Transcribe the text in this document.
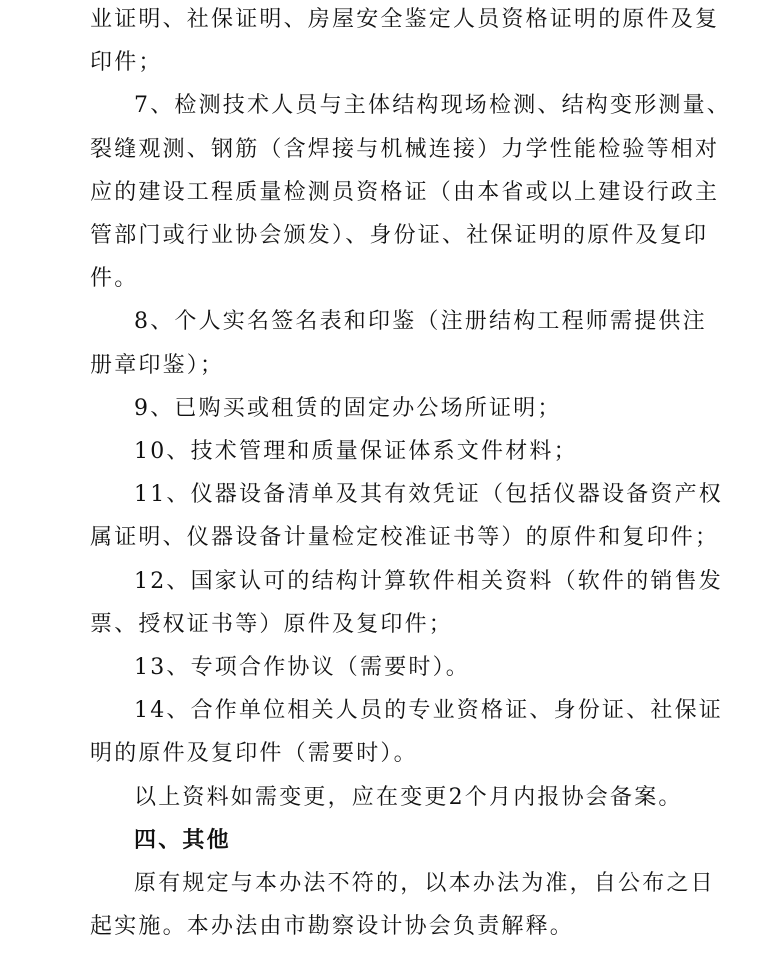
业证明、社保证明、房屋安全鉴定人员资格证明的原件及复
印件；
7、检测技术人员与主体结构现场检测、结构变形测量、
裂缝观测、钢筋（含焊接与机械连接）力学性能检验等相对
应的建设工程质量检测员资格证（由本省或以上建设行政主
管部门或行业协会颁发）、身份证、社保证明的原件及复印
件。
8、个人实名签名表和印鉴（注册结构工程师需提供注
册章印鉴）；
9、已购买或租赁的固定办公场所证明；
10、技术管理和质量保证体系文件材料；
11、仪器设备清单及其有效凭证（包括仪器设备资产权
属证明、仪器设备计量检定校准证书等）的原件和复印件；
12、国家认可的结构计算软件相关资料（软件的销售发
票、授权证书等）原件及复印件；
13、专项合作协议（需要时）。
14、合作单位相关人员的专业资格证、身份证、社保证
明的原件及复印件（需要时）。
以上资料如需变更，应在变更2个月内报协会备案。
四、其他
原有规定与本办法不符的，以本办法为准，自公布之日
起实施。本办法由市勘察设计协会负责解释。
